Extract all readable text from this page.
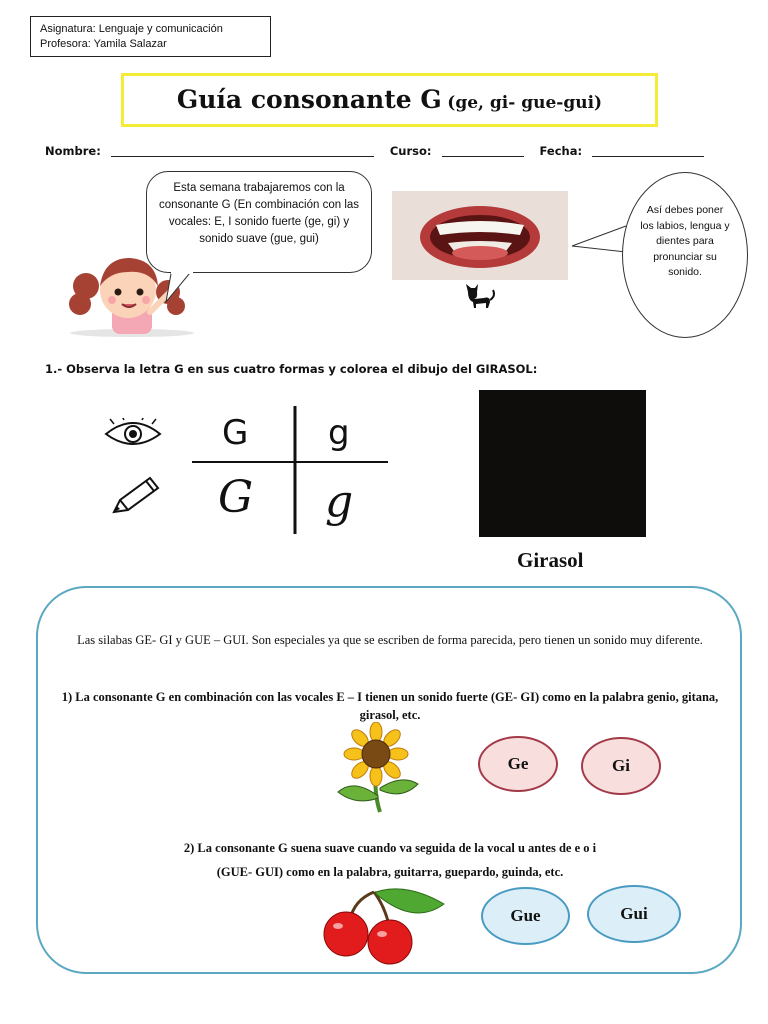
Asignatura: Lenguaje y comunicación
Profesora: Yamila Salazar
Guía consonante G (ge, gi- gue-gui)
Nombre:	Curso:	Fecha:
Esta semana trabajaremos con la consonante G (En combinación con las vocales: E, I sonido fuerte (ge, gi) y sonido suave (gue, gui)
Así debes poner los labios, lengua y dientes para pronunciar su sonido.
1.- Observa la letra G en sus cuatro formas y colorea el dibujo del GIRASOL:
G g
G g
Girasol
Las silabas GE- GI y GUE – GUI. Son especiales ya que se escriben de forma parecida, pero tienen un sonido muy diferente.
1) La consonante G en combinación con las vocales E – I tienen un sonido fuerte (GE- GI) como en la palabra genio, gitana, girasol, etc.
Ge	Gi
2) La consonante G suena suave cuando va seguida de la vocal u antes de e o i
(GUE- GUI) como en la palabra, guitarra, guepardo, guinda, etc.
Gue	Gui
